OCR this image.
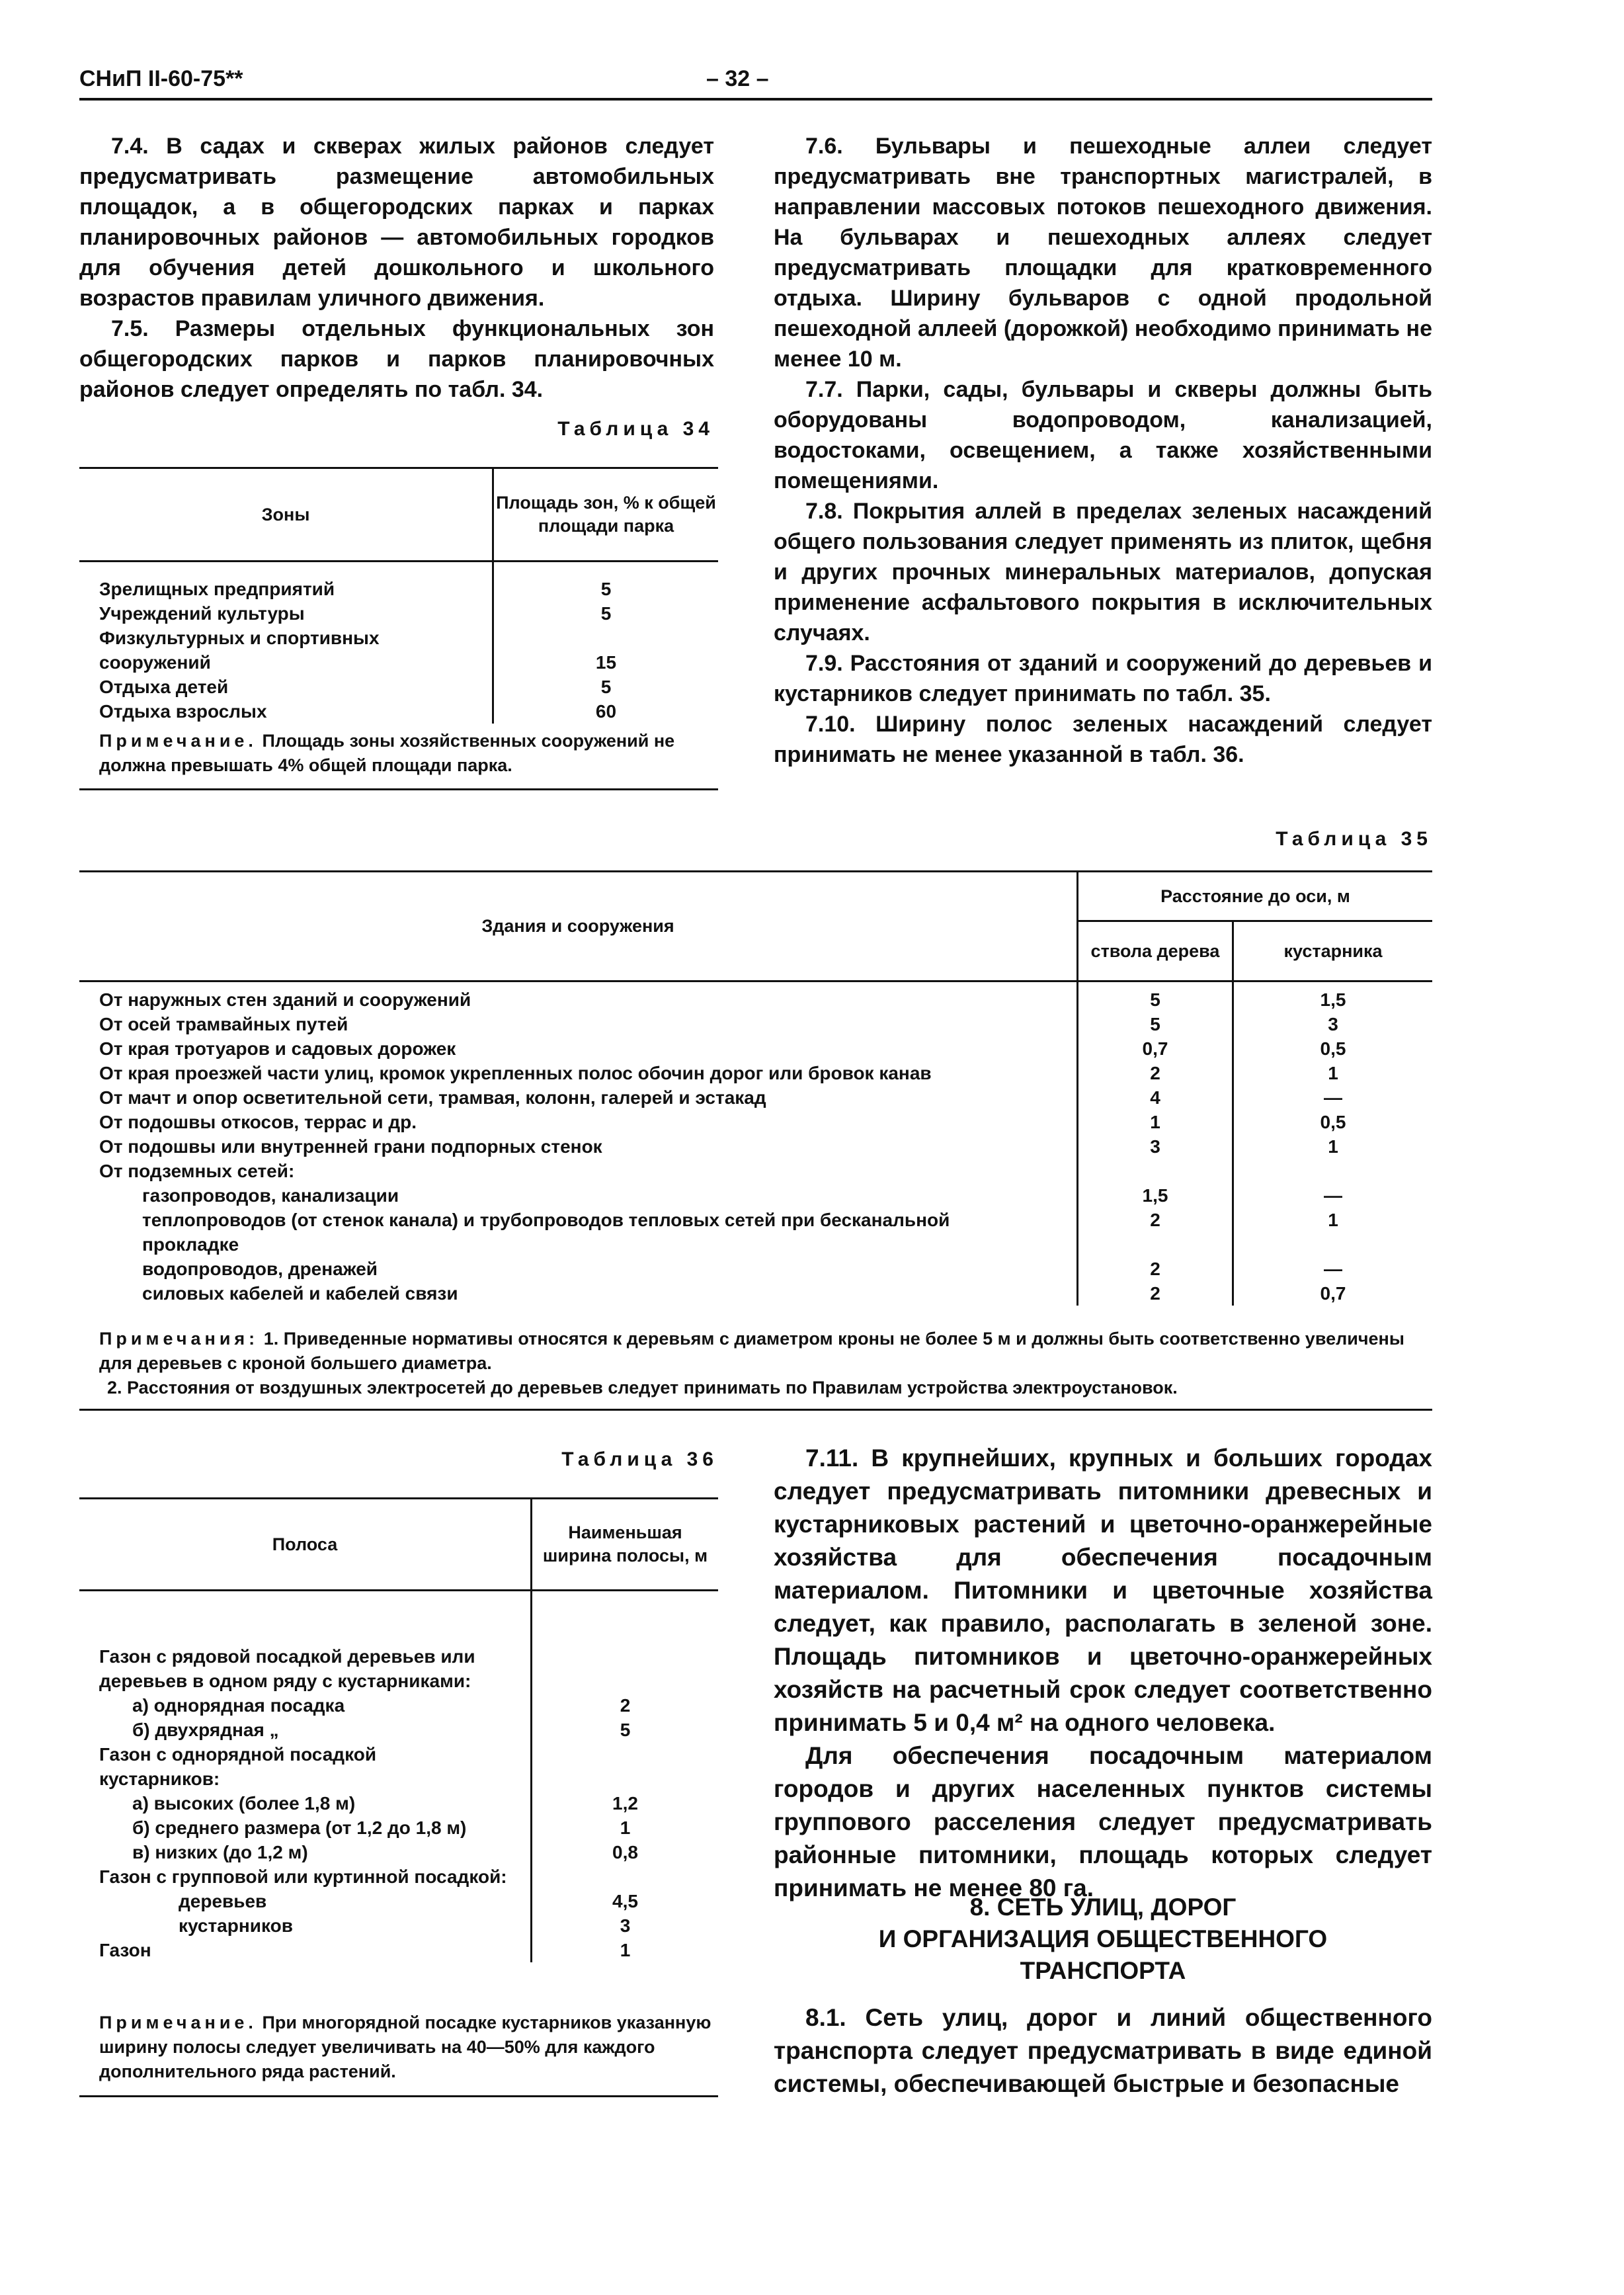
СНиП II-60-75**	– 32 –

7.4. В садах и скверах жилых районов следует предусматривать размещение автомобильных площадок, а в общегородских парках и парках планировочных районов — автомобильных городков для обучения детей дошкольного и школьного возрастов правилам уличного движения.

7.5. Размеры отдельных функциональных зон общегородских парков и парков планировочных районов следует определять по табл. 34.

Таблица 34
Зоны	Площадь зон, % к общей площади парка
Зрелищных предприятий	5
Учреждений культуры	5
Физкультурных и спортивных сооружений	15
Отдыха детей	5
Отдыха взрослых	60
Примечание. Площадь зоны хозяйственных сооружений не должна превышать 4% общей площади парка.

7.6. Бульвары и пешеходные аллеи следует предусматривать вне транспортных магистралей, в направлении массовых потоков пешеходного движения. На бульварах и пешеходных аллеях следует предусматривать площадки для кратковременного отдыха. Ширину бульваров с одной продольной пешеходной аллеей (дорожкой) необходимо принимать не менее 10 м.

7.7. Парки, сады, бульвары и скверы должны быть оборудованы водопроводом, канализацией, водостоками, освещением, а также хозяйственными помещениями.

7.8. Покрытия аллей в пределах зеленых насаждений общего пользования следует применять из плиток, щебня и других прочных минеральных материалов, допуская применение асфальтового покрытия в исключительных случаях.

7.9. Расстояния от зданий и сооружений до деревьев и кустарников следует принимать по табл. 35.

7.10. Ширину полос зеленых насаждений следует принимать не менее указанной в табл. 36.

Таблица 35
Здания и сооружения	Расстояние до оси, м	
	ствола дерева	кустарника
От наружных стен зданий и сооружений	5	1,5
От осей трамвайных путей	5	3
От края тротуаров и садовых дорожек	0,7	0,5
От края проезжей части улиц, кромок укрепленных полос обочин дорог или бровок канав	2	1
От мачт и опор осветительной сети, трамвая, колонн, галерей и эстакад	4	—
От подошвы откосов, террас и др.	1	0,5
От подошвы или внутренней грани подпорных стенок	3	1
От подземных сетей:		
газопроводов, канализации	1,5	—
теплопроводов (от стенок канала) и трубопроводов тепловых сетей при бесканальной прокладке	2	1
водопроводов, дренажей	2	—
силовых кабелей и кабелей связи	2	0,7
Примечания: 1. Приведенные нормативы относятся к деревьям с диаметром кроны не более 5 м и должны быть соответственно увеличены для деревьев с кроной большего диаметра.
2. Расстояния от воздушных электросетей до деревьев следует принимать по Правилам устройства электроустановок.
Таблица 36
Полоса	Наименьшая ширина полосы, м
Газон с рядовой посадкой деревьев или деревьев в одном ряду с кустарниками:	
а) однорядная посадка	2
б) двухрядная „	5
Газон с однорядной посадкой кустарников:	
а) высоких (более 1,8 м)	1,2
б) среднего размера (от 1,2 до 1,8 м)	1
в) низких (до 1,2 м)	0,8
Газон с групповой или куртинной посадкой:	
деревьев	4,5
кустарников	3
Газон	1
Примечание. При многорядной посадке кустарников указанную ширину полосы следует увеличивать на 40—50% для каждого дополнительного ряда растений.

7.11. В крупнейших, крупных и больших городах следует предусматривать питомники древесных и кустарниковых растений и цветочно-оранжерейные хозяйства для обеспечения посадочным материалом. Питомники и цветочные хозяйства следует, как правило, располагать в зеленой зоне. Площадь питомников и цветочно-оранжерейных хозяйств на расчетный срок следует соответственно принимать 5 и 0,4 м² на одного человека.

Для обеспечения посадочным материалом городов и других населенных пунктов системы группового расселения следует предусматривать районные питомники, площадь которых следует принимать не менее 80 га.

8. СЕТЬ УЛИЦ, ДОРОГ
И ОРГАНИЗАЦИЯ ОБЩЕСТВЕННОГО
ТРАНСПОРТА

8.1. Сеть улиц, дорог и линий общественного транспорта следует предусматривать в виде единой системы, обеспечивающей быстрые и безопасные
